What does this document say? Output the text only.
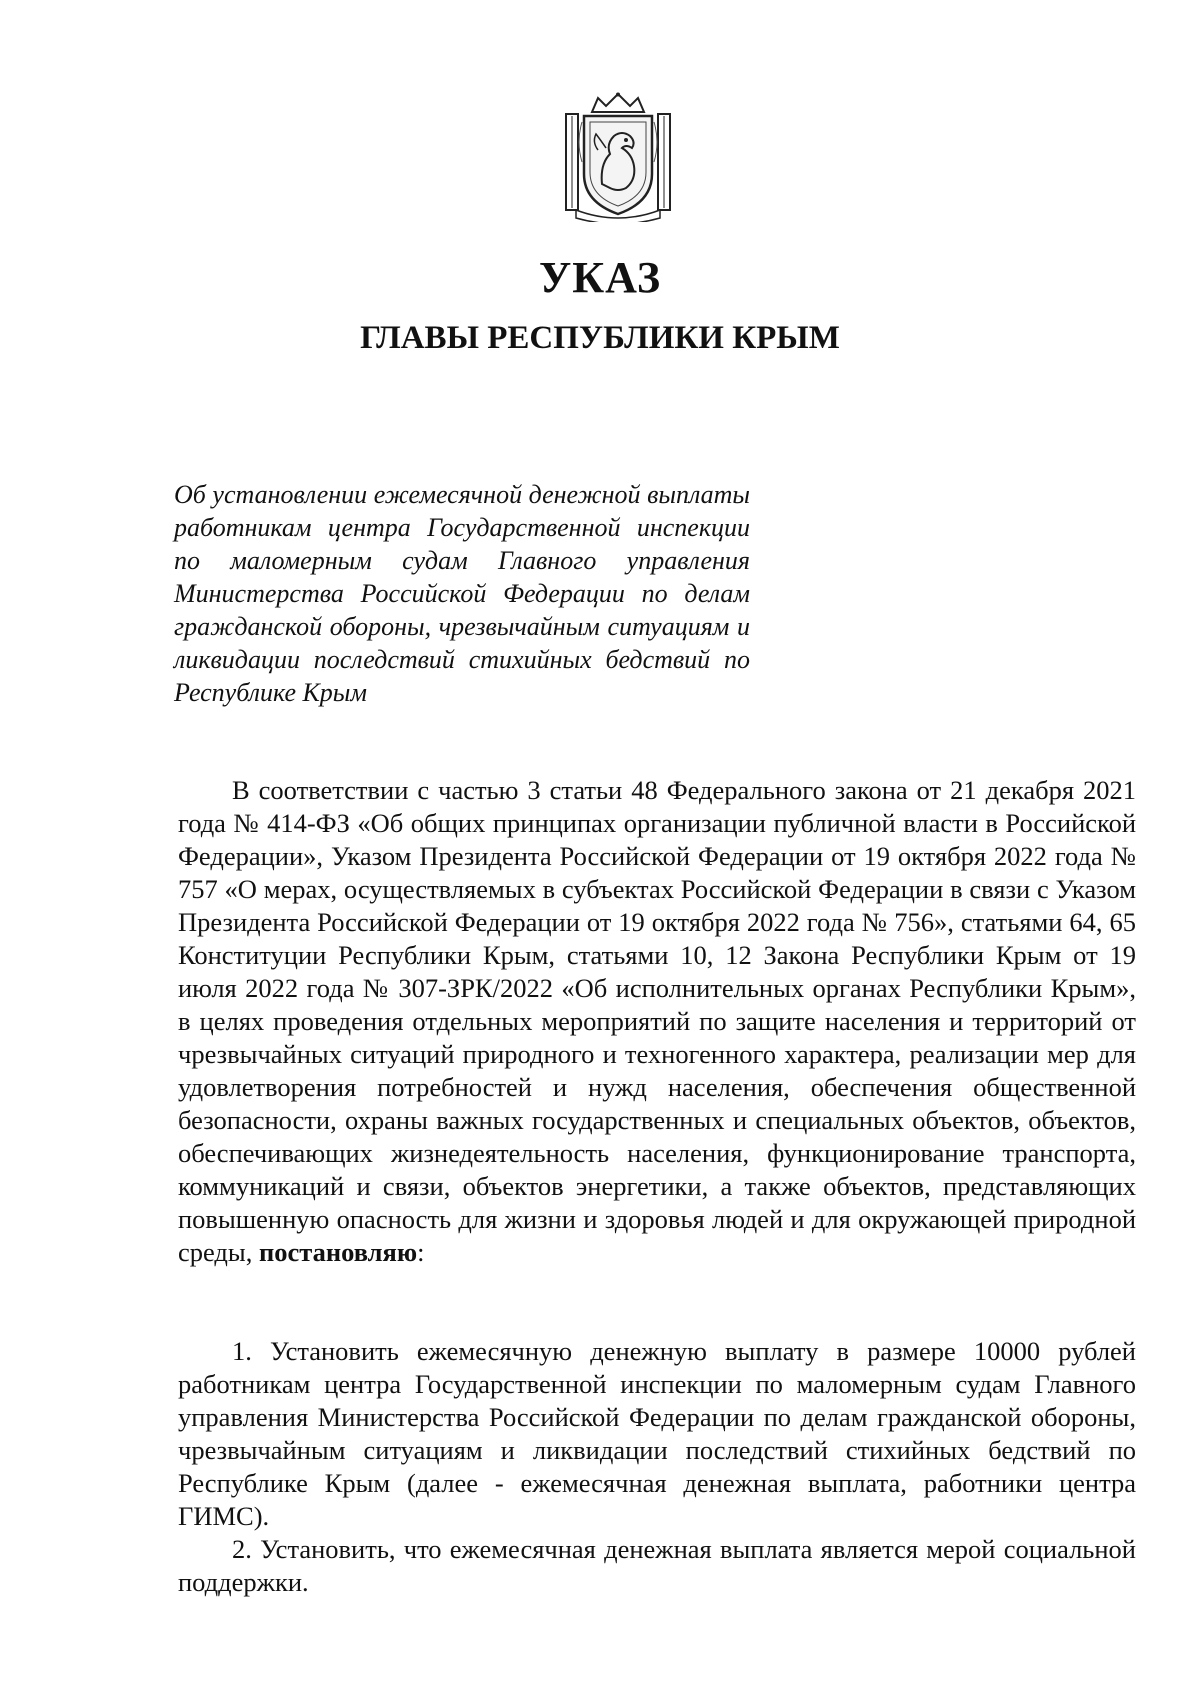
УКАЗ
ГЛАВЫ РЕСПУБЛИКИ КРЫМ

Об установлении ежемесячной денежной выплаты работникам центра Государственной инспекции по маломерным судам Главного управления Министерства Российской Федерации по делам гражданской обороны, чрезвычайным ситуациям и ликвидации последствий стихийных бедствий по Республике Крым

В соответствии с частью 3 статьи 48 Федерального закона от 21 декабря 2021 года № 414-ФЗ «Об общих принципах организации публичной власти в Российской Федерации», Указом Президента Российской Федерации от 19 октября 2022 года № 757 «О мерах, осуществляемых в субъектах Российской Федерации в связи с Указом Президента Российской Федерации от 19 октября 2022 года № 756», статьями 64, 65 Конституции Республики Крым, статьями 10, 12 Закона Республики Крым от 19 июля 2022 года № 307-ЗРК/2022 «Об исполнительных органах Республики Крым», в целях проведения отдельных мероприятий по защите населения и территорий от чрезвычайных ситуаций природного и техногенного характера, реализации мер для удовлетворения потребностей и нужд населения, обеспечения общественной безопасности, охраны важных государственных и специальных объектов, объектов, обеспечивающих жизнедеятельность населения, функционирование транспорта, коммуникаций и связи, объектов энергетики, а также объектов, представляющих повышенную опасность для жизни и здоровья людей и для окружающей природной среды, постановляю:

1. Установить ежемесячную денежную выплату в размере 10000 рублей работникам центра Государственной инспекции по маломерным судам Главного управления Министерства Российской Федерации по делам гражданской обороны, чрезвычайным ситуациям и ликвидации последствий стихийных бедствий по Республике Крым (далее - ежемесячная денежная выплата, работники центра ГИМС).

2. Установить, что ежемесячная денежная выплата является мерой социальной поддержки.
